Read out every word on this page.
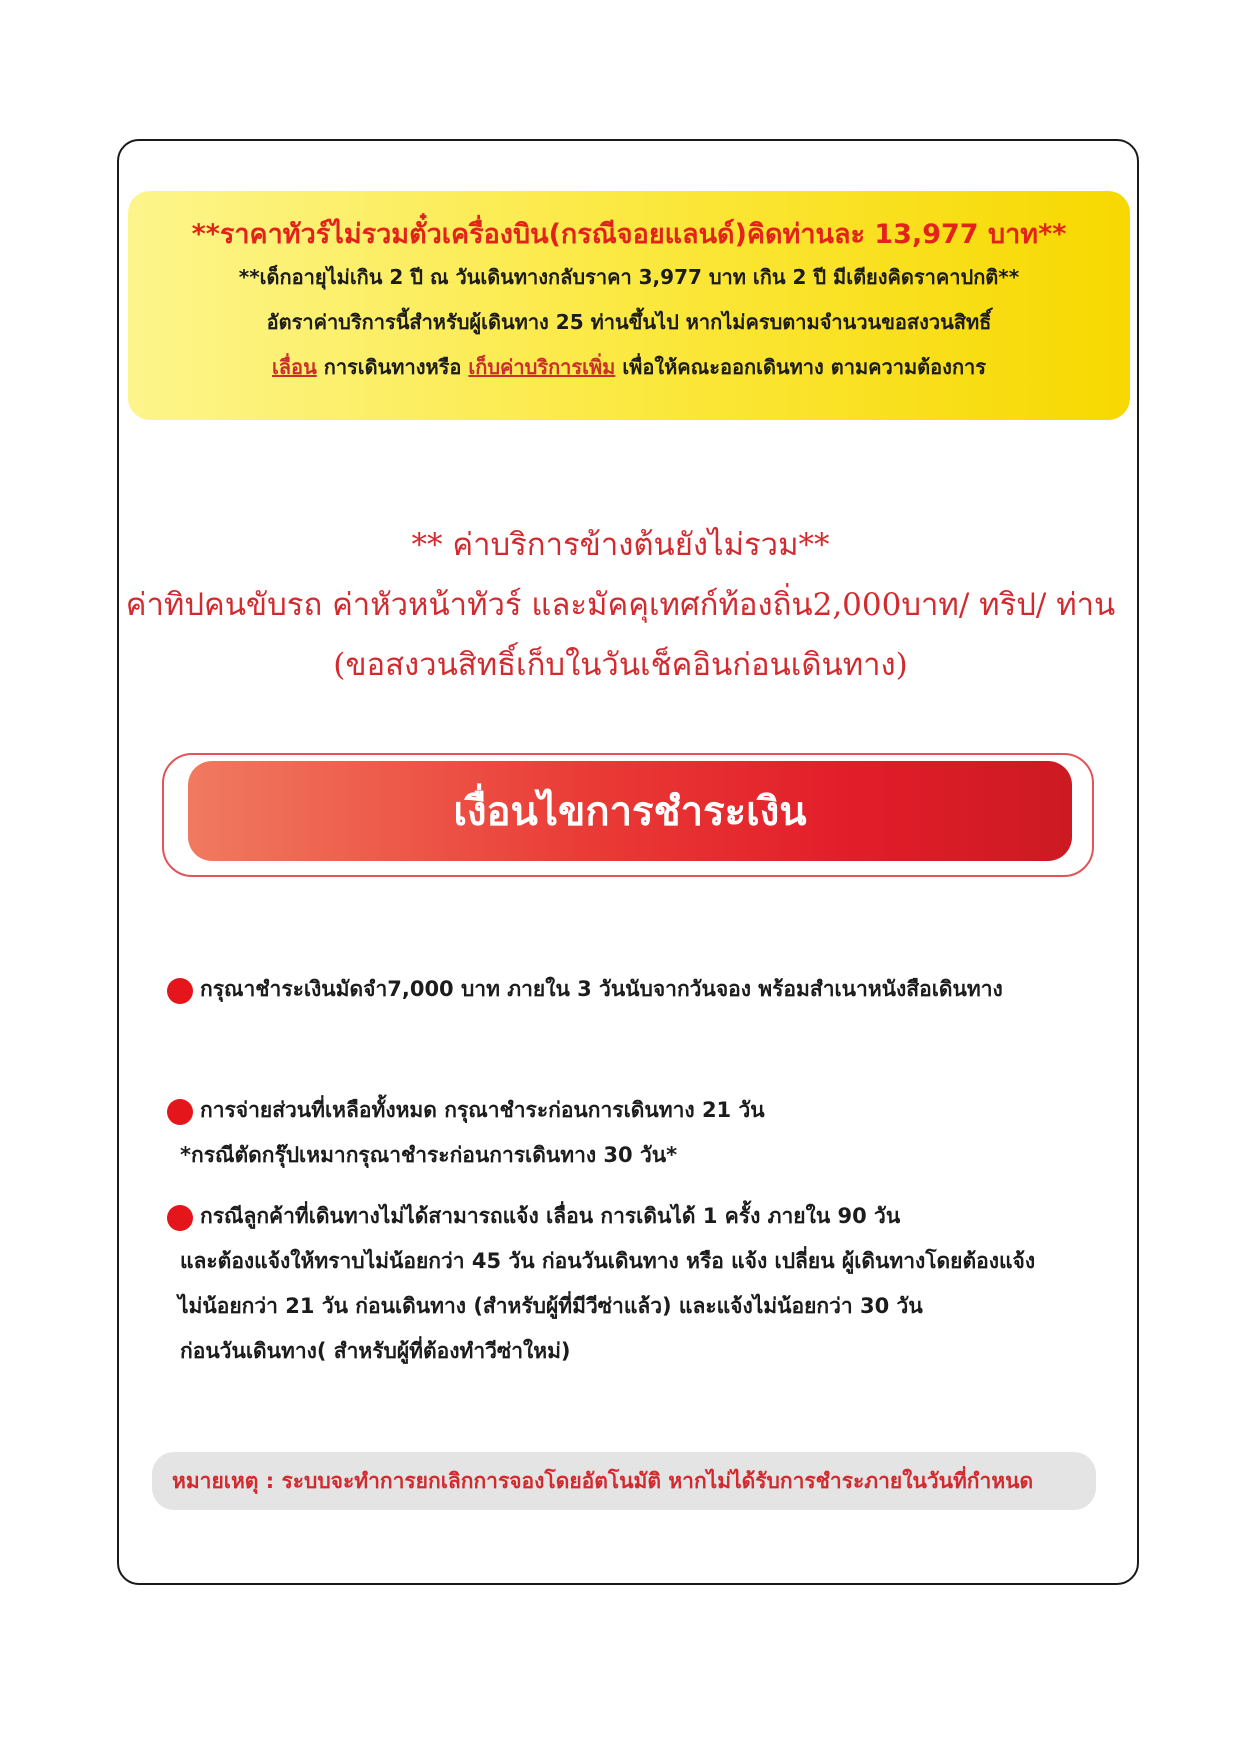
**ราคาทัวร์ไม่รวมตั๋วเครื่องบิน(กรณีจอยแลนด์)คิดท่านละ 13,977 บาท**
**เด็กอายุไม่เกิน 2 ปี ณ วันเดินทางกลับราคา 3,977 บาท เกิน 2 ปี มีเตียงคิดราคาปกติ**
อัตราค่าบริการนี้สำหรับผู้เดินทาง 25 ท่านขึ้นไป หากไม่ครบตามจำนวนขอสงวนสิทธิ์
เลื่อน การเดินทางหรือ เก็บค่าบริการเพิ่ม เพื่อให้คณะออกเดินทาง ตามความต้องการ
** ค่าบริการข้างต้นยังไม่รวม**
ค่าทิปคนขับรถ ค่าหัวหน้าทัวร์ และมัคคุเทศก์ท้องถิ่น2,000บาท/ ทริป/ ท่าน
(ขอสงวนสิทธิ์เก็บในวันเช็คอินก่อนเดินทาง)
เงื่อนไขการชำระเงิน
กรุณาชำระเงินมัดจำ7,000 บาท ภายใน 3 วันนับจากวันจอง พร้อมสำเนาหนังสือเดินทาง
การจ่ายส่วนที่เหลือทั้งหมด กรุณาชำระก่อนการเดินทาง 21 วัน
*กรณีตัดกรุ๊ปเหมากรุณาชำระก่อนการเดินทาง 30 วัน*
กรณีลูกค้าที่เดินทางไม่ได้สามารถแจ้ง เลื่อน การเดินได้ 1 ครั้ง ภายใน 90 วัน
และต้องแจ้งให้ทราบไม่น้อยกว่า 45 วัน ก่อนวันเดินทาง หรือ แจ้ง เปลี่ยน ผู้เดินทางโดยต้องแจ้ง
ไม่น้อยกว่า 21 วัน ก่อนเดินทาง (สำหรับผู้ที่มีวีซ่าแล้ว) และแจ้งไม่น้อยกว่า 30 วัน
ก่อนวันเดินทาง( สำหรับผู้ที่ต้องทำวีซ่าใหม่)
หมายเหตุ : ระบบจะทำการยกเลิกการจองโดยอัตโนมัติ หากไม่ได้รับการชำระภายในวันที่กำหนด
